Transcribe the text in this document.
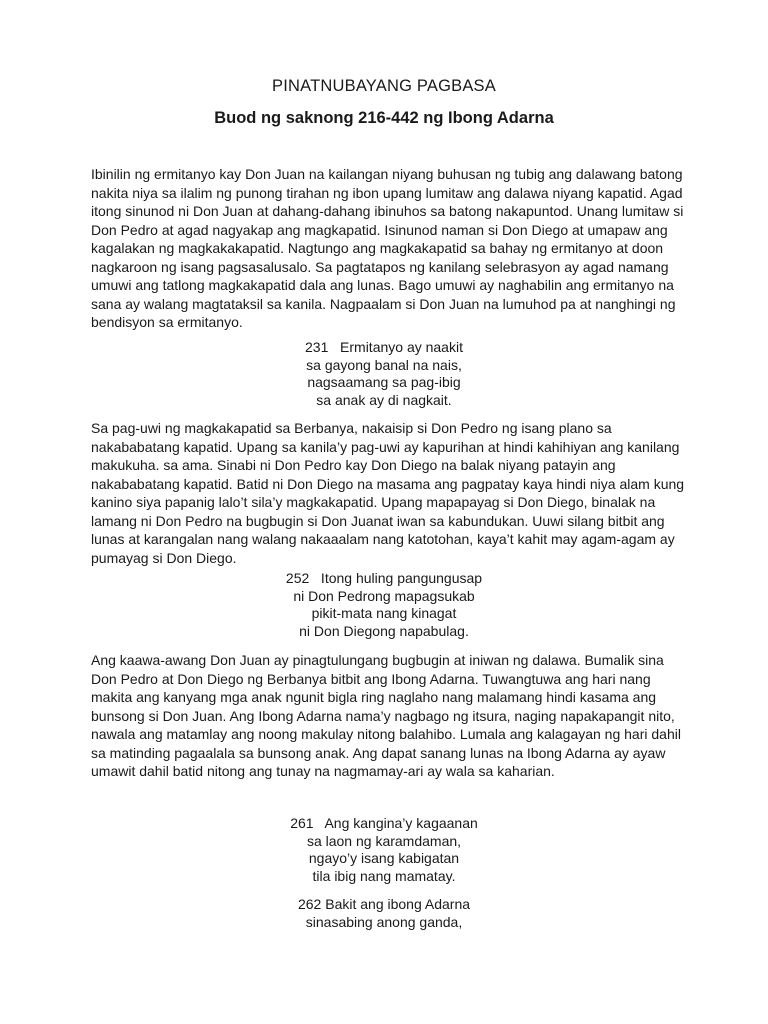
PINATNUBAYANG PAGBASA
Buod ng saknong 216-442 ng Ibong Adarna
Ibinilin ng ermitanyo kay Don Juan na kailangan niyang buhusan ng tubig ang dalawang batong
nakita niya sa ilalim ng punong tirahan ng ibon upang lumitaw ang dalawa niyang kapatid. Agad
itong sinunod ni Don Juan at dahang-dahang ibinuhos sa batong nakapuntod. Unang lumitaw si
Don Pedro at agad nagyakap ang magkapatid. Isinunod naman si Don Diego at umapaw ang
kagalakan ng magkakakapatid. Nagtungo ang magkakapatid sa bahay ng ermitanyo at doon
nagkaroon ng isang pagsasalusalo. Sa pagtatapos ng kanilang selebrasyon ay agad namang
umuwi ang tatlong magkakapatid dala ang lunas. Bago umuwi ay naghabilin ang ermitanyo na
sana ay walang magtataksil sa kanila. Nagpaalam si Don Juan na lumuhod pa at nanghingi ng
bendisyon sa ermitanyo.
231   Ermitanyo ay naakit
sa gayong banal na nais,
nagsaamang sa pag-ibig
sa anak ay di nagkait.
Sa pag-uwi ng magkakapatid sa Berbanya, nakaisip si Don Pedro ng isang plano sa
nakababatang kapatid. Upang sa kanila’y pag-uwi ay kapurihan at hindi kahihiyan ang kanilang
makukuha. sa ama. Sinabi ni Don Pedro kay Don Diego na balak niyang patayin ang
nakababatang kapatid. Batid ni Don Diego na masama ang pagpatay kaya hindi niya alam kung
kanino siya papanig lalo’t sila’y magkakapatid. Upang mapapayag si Don Diego, binalak na
lamang ni Don Pedro na bugbugin si Don Juanat iwan sa kabundukan. Uuwi silang bitbit ang
lunas at karangalan nang walang nakaaalam nang katotohan, kaya’t kahit may agam-agam ay
pumayag si Don Diego.
252   Itong huling pangungusap
ni Don Pedrong mapagsukab
pikit-mata nang kinagat
ni Don Diegong napabulag.
Ang kaawa-awang Don Juan ay pinagtulungang bugbugin at iniwan ng dalawa. Bumalik sina
Don Pedro at Don Diego ng Berbanya bitbit ang Ibong Adarna. Tuwangtuwa ang hari nang
makita ang kanyang mga anak ngunit bigla ring naglaho nang malamang hindi kasama ang
bunsong si Don Juan. Ang Ibong Adarna nama’y nagbago ng itsura, naging napakapangit nito,
nawala ang matamlay ang noong makulay nitong balahibo. Lumala ang kalagayan ng hari dahil
sa matinding pagaalala sa bunsong anak. Ang dapat sanang lunas na Ibong Adarna ay ayaw
umawit dahil batid nitong ang tunay na nagmamay-ari ay wala sa kaharian.
261   Ang kangina’y kagaanan
sa laon ng karamdaman,
ngayo’y isang kabigatan
tila ibig nang mamatay.
262 Bakit ang ibong Adarna
sinasabing anong ganda,
